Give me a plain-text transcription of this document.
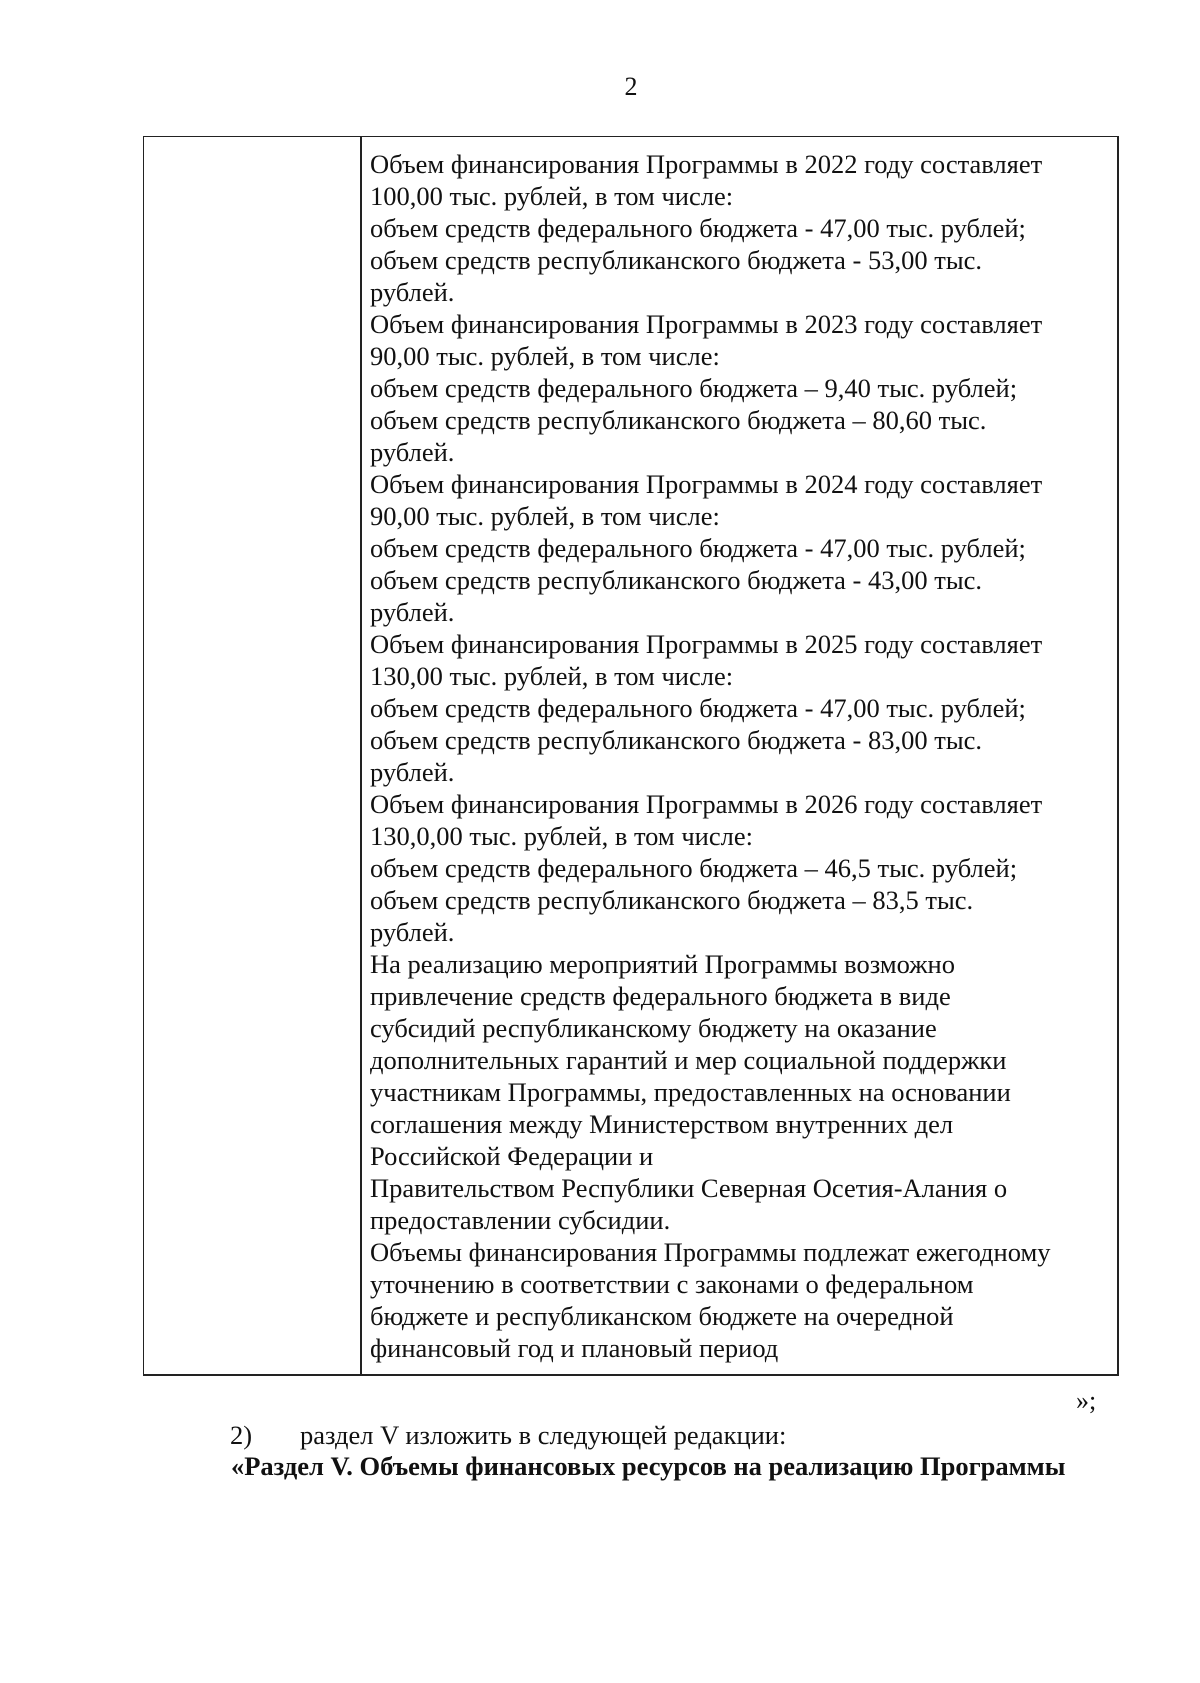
2
Объем финансирования Программы в 2022 году составляет
100,00 тыс. рублей, в том числе:
объем средств федерального бюджета - 47,00 тыс. рублей;
объем средств республиканского бюджета - 53,00 тыс.
рублей.
Объем финансирования Программы в 2023 году составляет
90,00 тыс. рублей, в том числе:
объем средств федерального бюджета – 9,40 тыс. рублей;
объем средств республиканского бюджета – 80,60 тыс.
рублей.
Объем финансирования Программы в 2024 году составляет
90,00 тыс. рублей, в том числе:
объем средств федерального бюджета - 47,00 тыс. рублей;
объем средств республиканского бюджета - 43,00 тыс.
рублей.
Объем финансирования Программы в 2025 году составляет
130,00 тыс. рублей, в том числе:
объем средств федерального бюджета - 47,00 тыс. рублей;
объем средств республиканского бюджета - 83,00 тыс.
рублей.
Объем финансирования Программы в 2026 году составляет
130,0,00 тыс. рублей, в том числе:
объем средств федерального бюджета – 46,5 тыс. рублей;
объем средств республиканского бюджета – 83,5 тыс.
рублей.
На реализацию мероприятий Программы возможно
привлечение средств федерального бюджета в виде
субсидий республиканскому бюджету на оказание
дополнительных гарантий и мер социальной поддержки
участникам Программы, предоставленных на основании
соглашения между Министерством внутренних дел
Российской Федерации и
Правительством Республики Северная Осетия-Алания о
предоставлении субсидии.
Объемы финансирования Программы подлежат ежегодному
уточнению в соответствии с законами о федеральном
бюджете и республиканском бюджете на очередной
финансовый год и плановый период
»;
2) раздел V изложить в следующей редакции:

«Раздел V. Объемы финансовых ресурсов на реализацию Программы
